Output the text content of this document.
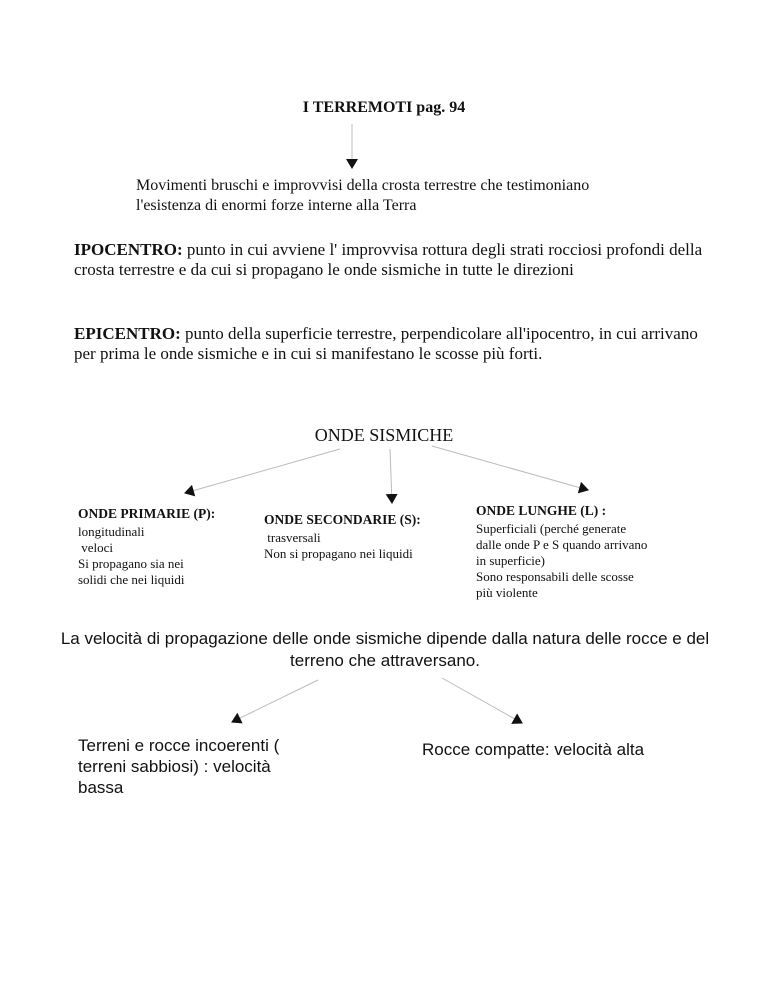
I TERREMOTI pag. 94
Movimenti bruschi e improvvisi della crosta terrestre che testimoniano l'esistenza di enormi forze interne alla Terra
IPOCENTRO: punto in cui avviene l' improvvisa rottura degli strati rocciosi profondi della crosta terrestre e da cui si propagano le onde sismiche in tutte le direzioni
EPICENTRO: punto della superficie terrestre, perpendicolare all'ipocentro, in cui arrivano per prima le onde sismiche e in cui si manifestano le scosse più forti.
ONDE SISMICHE
ONDE PRIMARIE (P):
longitudinali
veloci
Si propagano sia nei
solidi che nei liquidi
ONDE SECONDARIE (S):
trasversali
Non si propagano nei liquidi
ONDE LUNGHE (L) :
Superficiali (perché generate
dalle onde P e S quando arrivano
in superficie)
Sono responsabili delle scosse
più violente
La velocità di propagazione delle onde sismiche dipende dalla natura delle rocce e del terreno che attraversano.
Terreni e rocce incoerenti ( terreni sabbiosi) : velocità bassa
Rocce compatte: velocità alta
